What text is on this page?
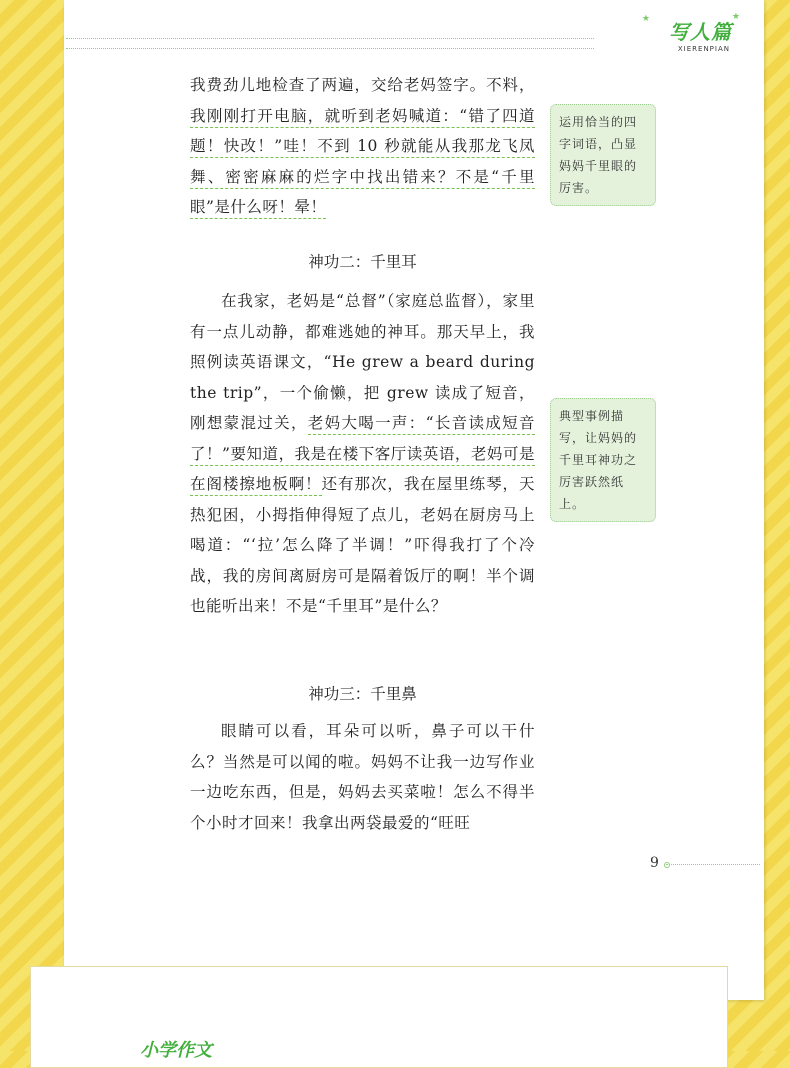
★	★
写人篇
XIERENPIAN

我费劲儿地检查了两遍，交给老妈签字。不料，我刚刚打开电脑，就听到老妈喊道：“错了四道题！快改！”哇！不到 10 秒就能从我那龙飞凤舞、密密麻麻的烂字中找出错来？不是“千里眼”是什么呀！晕！

神功二：千里耳

在我家，老妈是“总督”（家庭总监督），家里有一点儿动静，都难逃她的神耳。那天早上，我照例读英语课文，“He grew a beard during the trip”，一个偷懒，把 grew 读成了短音，刚想蒙混过关，老妈大喝一声：“长音读成短音了！”要知道，我是在楼下客厅读英语，老妈可是在阁楼擦地板啊！还有那次，我在屋里练琴，天热犯困，小拇指伸得短了点儿，老妈在厨房马上喝道：“‘拉’怎么降了半调！”吓得我打了个冷战，我的房间离厨房可是隔着饭厅的啊！半个调也能听出来！不是“千里耳”是什么？

神功三：千里鼻

眼睛可以看，耳朵可以听，鼻子可以干什么？当然是可以闻的啦。妈妈不让我一边写作业一边吃东西，但是，妈妈去买菜啦！怎么不得半个小时才回来！我拿出两袋最爱的“旺旺

运用恰当的四字词语，凸显妈妈千里眼的厉害。
典型事例描写，让妈妈的千里耳神功之厉害跃然纸上。
9
小学作文
